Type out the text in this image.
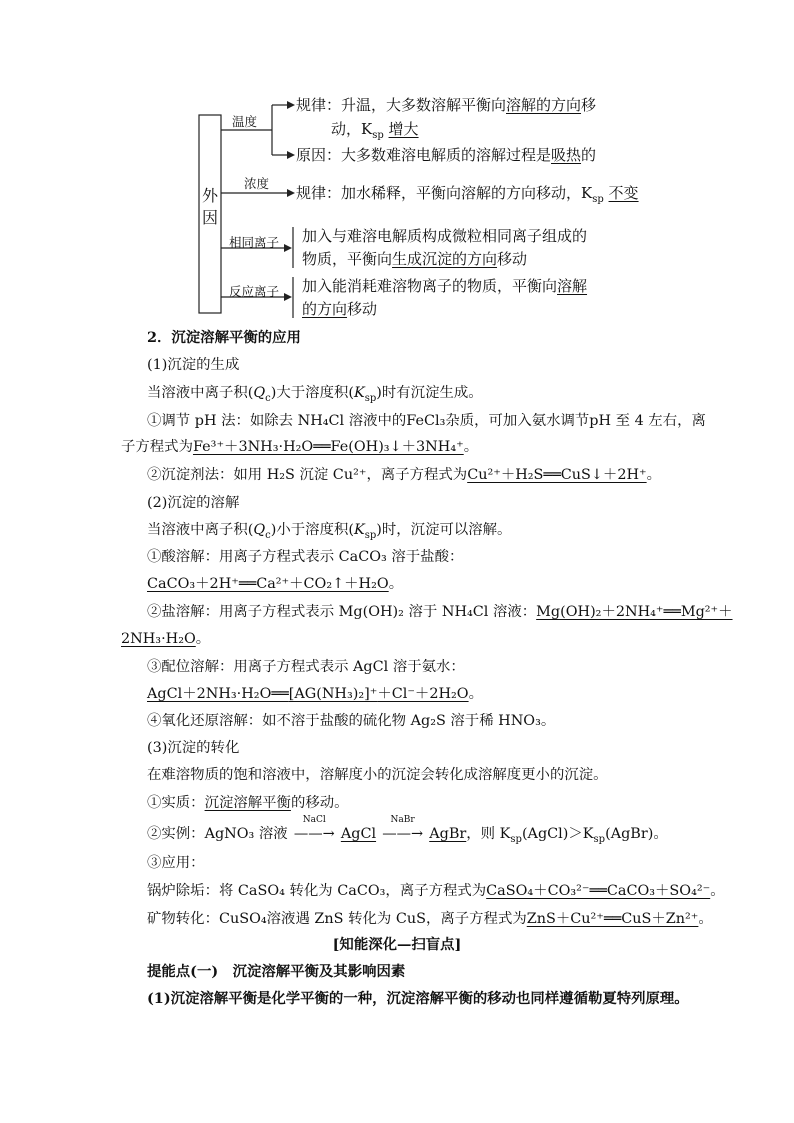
外因
温度
浓度
相同离子
反应离子
规律：升温，大多数溶解平衡向溶解的方向移
动，$K_{sp}$ 增大
原因：大多数难溶电解质的溶解过程是吸热的
规律：加水稀释，平衡向溶解的方向移动，$K_{sp}$ 不变
加入与难溶电解质构成微粒相同离子组成的
物质，平衡向生成沉淀的方向移动
加入能消耗难溶物离子的物质，平衡向溶解
的方向移动
2．沉淀溶解平衡的应用
(1)沉淀的生成
当溶液中离子积$(Q_c)$大于溶度积$(K_{sp})$时有沉淀生成。
①调节 pH 法：如除去 NH₄Cl 溶液中的FeCl₃杂质，可加入氨水调节pH 至 4 左右，离
子方程式为Fe³⁺＋3NH₃·H₂O══Fe(OH)₃↓＋3NH₄⁺。
②沉淀剂法：如用 H₂S 沉淀 Cu²⁺，离子方程式为Cu²⁺＋H₂S══CuS↓＋2H⁺。
(2)沉淀的溶解
当溶液中离子积$(Q_c)$小于溶度积$(K_{sp})$时，沉淀可以溶解。
①酸溶解：用离子方程式表示 CaCO₃ 溶于盐酸：
CaCO₃＋2H⁺══Ca²⁺＋CO₂↑＋H₂O。
②盐溶解：用离子方程式表示 Mg(OH)₂ 溶于 NH₄Cl 溶液：Mg(OH)₂＋2NH₄⁺══Mg²⁺＋
2NH₃·H₂O。
③配位溶解：用离子方程式表示 AgCl 溶于氨水：
AgCl＋2NH₃·H₂O══[AG(NH₃)₂]⁺＋Cl⁻＋2H₂O。
④氧化还原溶解：如不溶于盐酸的硫化物 Ag₂S 溶于稀 HNO₃。
(3)沉淀的转化
在难溶物质的饱和溶液中，溶解度小的沉淀会转化成溶解度更小的沉淀。
①实质：沉淀溶解平衡的移动。
②实例：AgNO₃ 溶液
NaCl
——→ AgCl
NaBr
——→ AgBr，则 $K_{sp}(AgCl)>K_{sp}(AgBr)$。
③应用：
锅炉除垢：将 CaSO₄ 转化为 CaCO₃，离子方程式为CaSO₄＋CO₃²⁻══CaCO₃＋SO₄²⁻。
矿物转化：CuSO₄溶液遇 ZnS 转化为 CuS，离子方程式为ZnS＋Cu²⁺══CuS＋Zn²⁺。
[知能深化—扫盲点]
提能点(一)　沉淀溶解平衡及其影响因素
(1)沉淀溶解平衡是化学平衡的一种，沉淀溶解平衡的移动也同样遵循勒夏特列原理。
